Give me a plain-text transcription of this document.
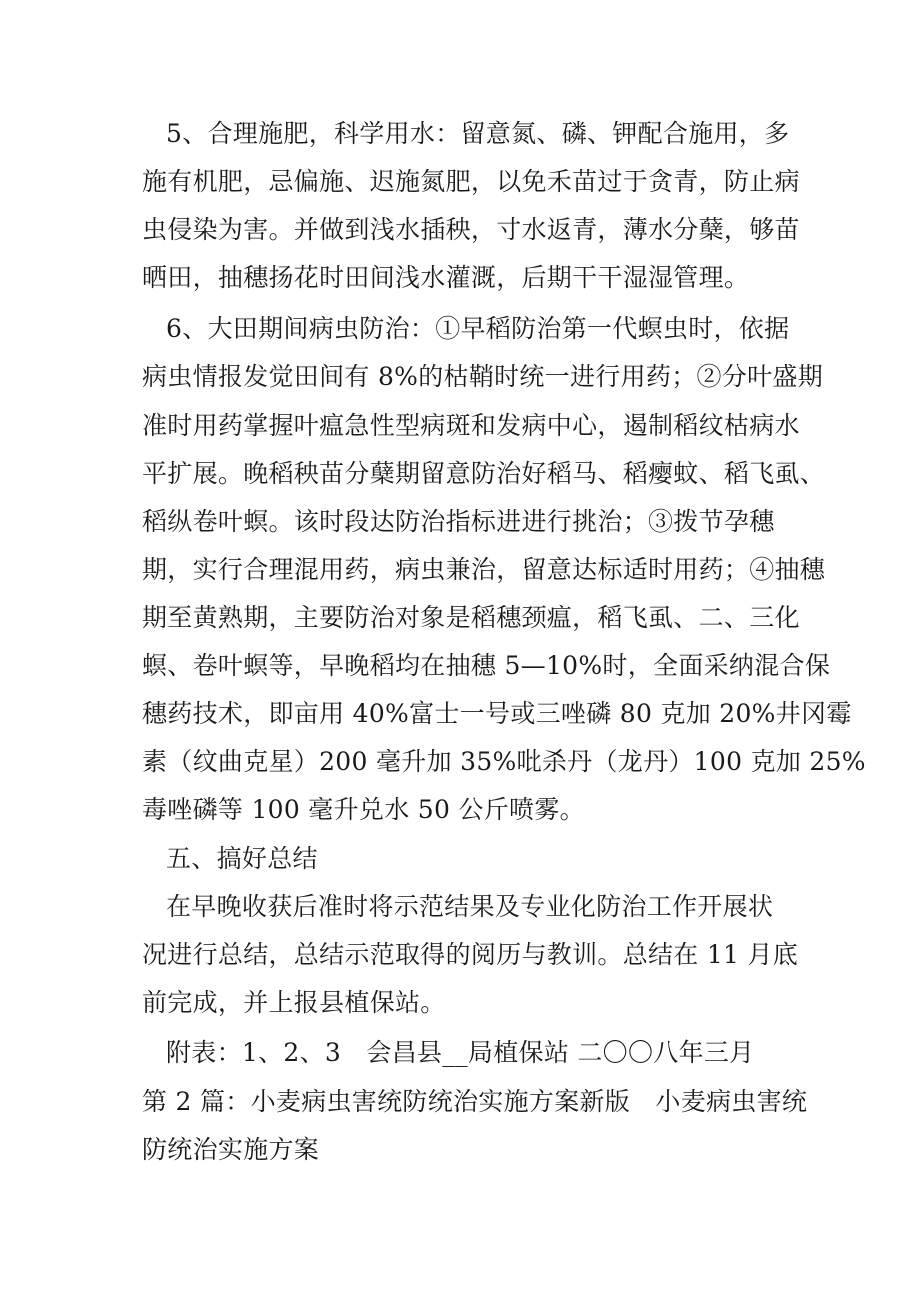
5、合理施肥，科学用水：留意氮、磷、钾配合施用，多
施有机肥，忌偏施、迟施氮肥，以免禾苗过于贪青，防止病
虫侵染为害。并做到浅水插秧，寸水返青，薄水分蘖，够苗
晒田，抽穗扬花时田间浅水灌溉，后期干干湿湿管理。
6、大田期间病虫防治：①早稻防治第一代螟虫时，依据
病虫情报发觉田间有 8%的枯鞘时统一进行用药；②分叶盛期
准时用药掌握叶瘟急性型病斑和发病中心，遏制稻纹枯病水
平扩展。晚稻秧苗分蘖期留意防治好稻马、稻瘿蚊、稻飞虱、
稻纵卷叶螟。该时段达防治指标进进行挑治；③拨节孕穗
期，实行合理混用药，病虫兼治，留意达标适时用药；④抽穗
期至黄熟期，主要防治对象是稻穗颈瘟，稻飞虱、二、三化
螟、卷叶螟等，早晚稻均在抽穗 5—10%时，全面采纳混合保
穗药技术，即亩用 40%富士一号或三唑磷 80 克加 20%井冈霉
素（纹曲克星）200 毫升加 35%吡杀丹（龙丹）100 克加 25%
毒唑磷等 100 毫升兑水 50 公斤喷雾。
五、搞好总结
在早晚收获后准时将示范结果及专业化防治工作开展状
况进行总结，总结示范取得的阅历与教训。总结在 11 月底
前完成，并上报县植保站。
附表：1、2、3　会昌县__局植保站 二〇〇八年三月
第 2 篇：小麦病虫害统防统治实施方案新版　小麦病虫害统
防统治实施方案
